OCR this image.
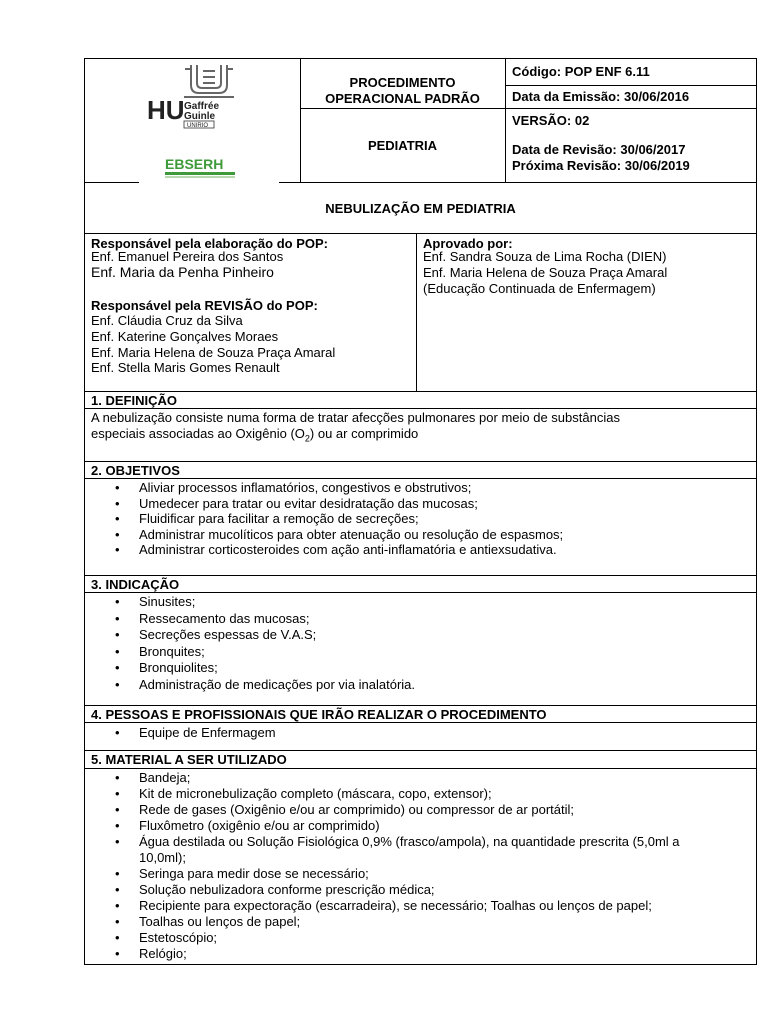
HU Gaffrée
Guinle
UNIRIO
EBSERH
PROCEDIMENTO
OPERACIONAL PADRÃO
Código: POP ENF 6.11
Data da Emissão: 30/06/2016
VERSÃO: 02
PEDIATRIA	Data de Revisão: 30/06/2017
Próxima Revisão: 30/06/2019
NEBULIZAÇÃO EM PEDIATRIA
Responsável pela elaboração do POP:
Enf. Emanuel Pereira dos Santos
Enf. Maria da Penha Pinheiro
Responsável pela REVISÃO do POP:
Enf. Cláudia Cruz da Silva
Enf. Katerine Gonçalves Moraes
Enf. Maria Helena de Souza Praça Amaral
Enf. Stella Maris Gomes Renault
Aprovado por:
Enf. Sandra Souza de Lima Rocha (DIEN)
Enf. Maria Helena de Souza Praça Amaral
(Educação Continuada de Enfermagem)
1. DEFINIÇÃO
A nebulização consiste numa forma de tratar afecções pulmonares por meio de substâncias
especiais associadas ao Oxigênio $(O_2)$ ou ar comprimido
2. OBJETIVOS
• Aliviar processos inflamatórios, congestivos e obstrutivos;
• Umedecer para tratar ou evitar desidratação das mucosas;
• Fluidificar para facilitar a remoção de secreções;
• Administrar mucolíticos para obter atenuação ou resolução de espasmos;
• Administrar corticosteroides com ação anti-inflamatória e antiexsudativa.
3. INDICAÇÃO
• Sinusites;
• Ressecamento das mucosas;
• Secreções espessas de V.A.S;
• Bronquites;
• Bronquiolites;
• Administração de medicações por via inalatória.
4. PESSOAS E PROFISSIONAIS QUE IRÃO REALIZAR O PROCEDIMENTO
• Equipe de Enfermagem
5. MATERIAL A SER UTILIZADO
• Bandeja;
• Kit de micronebulização completo (máscara, copo, extensor);
• Rede de gases (Oxigênio e/ou ar comprimido) ou compressor de ar portátil;
• Fluxômetro (oxigênio e/ou ar comprimido)
• Água destilada ou Solução Fisiológica 0,9% (frasco/ampola), na quantidade prescrita (5,0ml a 10,0ml);
• Seringa para medir dose se necessário;
• Solução nebulizadora conforme prescrição médica;
• Recipiente para expectoração (escarradeira), se necessário; Toalhas ou lenços de papel;
• Toalhas ou lenços de papel;
• Estetoscópio;
• Relógio;
